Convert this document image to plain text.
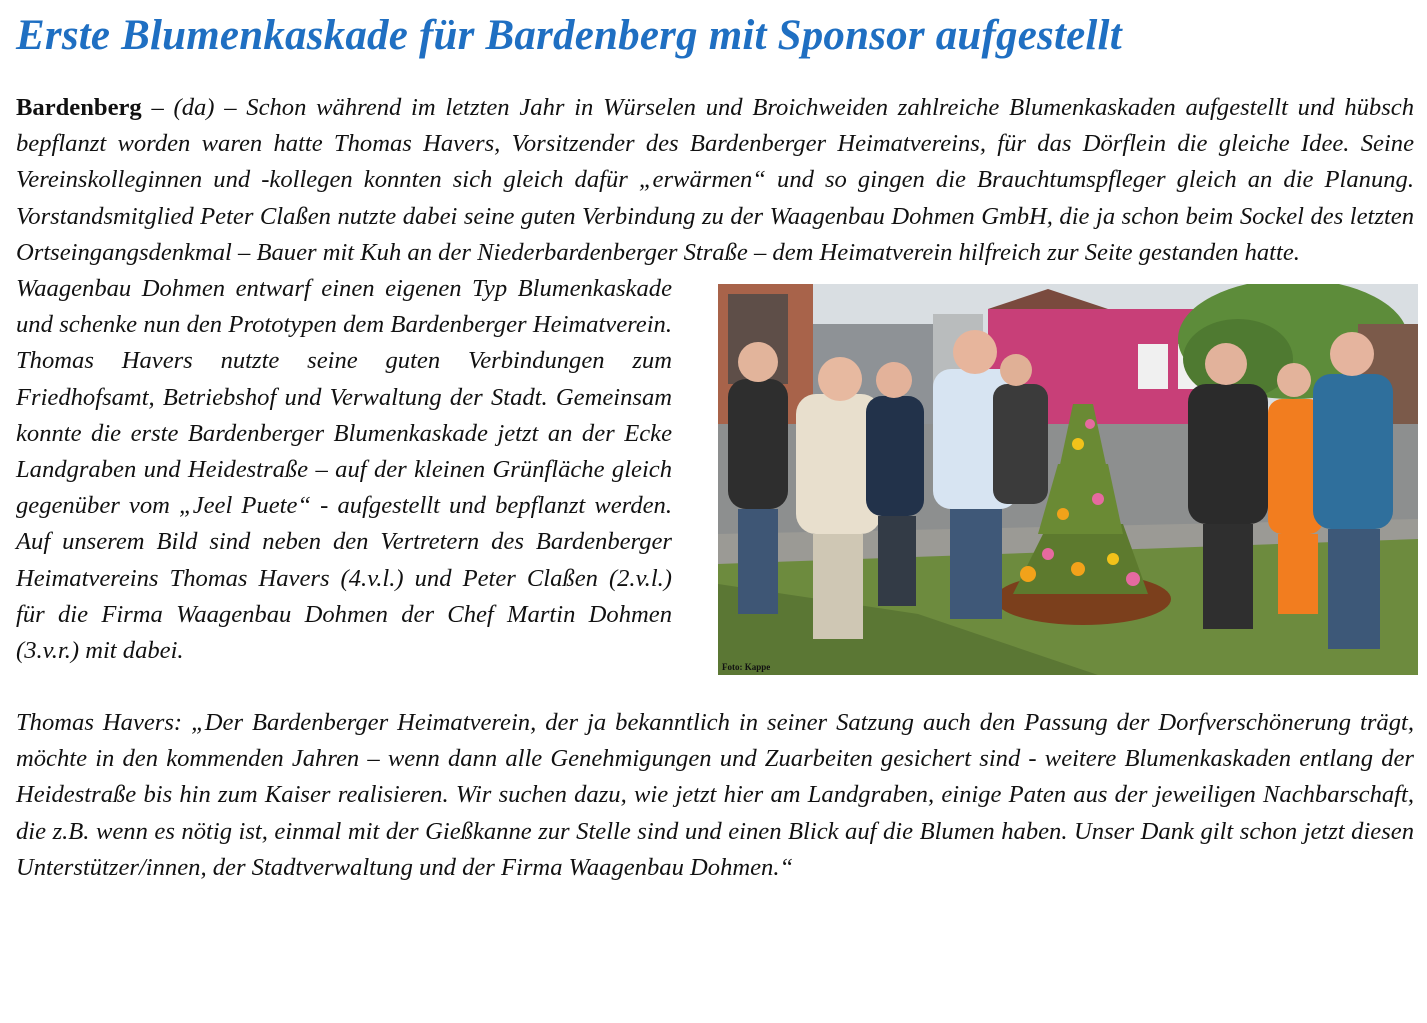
Erste Blumenkaskade für Bardenberg mit Sponsor aufgestellt

Bardenberg – (da) – Schon während im letzten Jahr in Würselen und Broichweiden zahlreiche Blumenkaskaden aufgestellt und hübsch bepflanzt worden waren hatte Thomas Havers, Vorsitzender des Bardenberger Heimatvereins, für das Dörflein die gleiche Idee. Seine Vereinskolleginnen und -kollegen konnten sich gleich dafür „erwärmen“ und so gingen die Brauchtumspfleger gleich an die Planung. Vorstandsmitglied Peter Claßen nutzte dabei seine guten Verbindung zu der Waagenbau Dohmen GmbH, die ja schon beim Sockel des letzten Ortseingangsdenkmal – Bauer mit Kuh an der Niederbardenberger Straße – dem Heimatverein hilfreich zur Seite gestanden hatte.

Waagenbau Dohmen entwarf einen eigenen Typ Blumenkaskade und schenke nun den Prototypen dem Bardenberger Heimatverein. Thomas Havers nutzte seine guten Verbindungen zum Friedhofsamt, Betriebshof und Verwaltung der Stadt. Gemeinsam konnte die erste Bardenberger Blumenkaskade jetzt an der Ecke Landgraben und Heidestraße – auf der kleinen Grünfläche gleich gegenüber vom „Jeel Puete“ - aufgestellt und bepflanzt werden. Auf unserem Bild sind neben den Vertretern des Bardenberger Heimatvereins Thomas Havers (4.v.l.) und Peter Claßen (2.v.l.) für die Firma Waagenbau Dohmen der Chef Martin Dohmen (3.v.r.) mit dabei.

Foto: Kappe

Thomas Havers: „Der Bardenberger Heimatverein, der ja bekanntlich in seiner Satzung auch den Passung der Dorfverschönerung trägt, möchte in den kommenden Jahren – wenn dann alle Genehmigungen und Zuarbeiten gesichert sind - weitere Blumenkaskaden entlang der Heidestraße bis hin zum Kaiser realisieren. Wir suchen dazu, wie jetzt hier am Landgraben, einige Paten aus der jeweiligen Nachbarschaft, die z.B. wenn es nötig ist, einmal mit der Gießkanne zur Stelle sind und einen Blick auf die Blumen haben. Unser Dank gilt schon jetzt diesen Unterstützer/innen, der Stadtverwaltung und der Firma Waagenbau Dohmen.“
